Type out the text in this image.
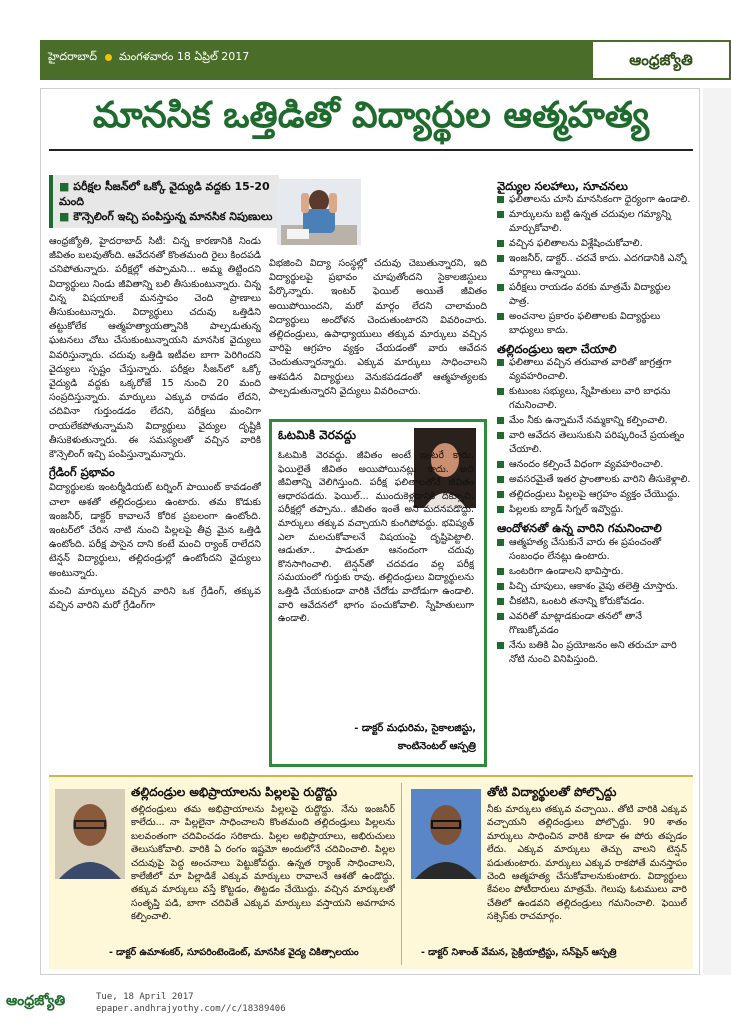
హైదరాబాద్ మంగళవారం 18 ఏప్రిల్ 2017	ఆంధ్రజ్యోతి
మానసిక ఒత్తిడితో విద్యార్థుల ఆత్మహత్య
■ పరీక్షల సీజన్‌లో ఒక్కో వైద్యుడి వద్దకు 15-20 మంది
■ కౌన్సెలింగ్ ఇచ్చి పంపిస్తున్న మానసిక నిపుణులు

ఆంధ్రజ్యోతి, హైదరాబాద్ సిటీ: చిన్న కారణానికి నిండు జీవితం బలవుతోంది. ఆవేదనతో కొంతమంది రైలు కిందపడి చనిపోతున్నారు. పరీక్షల్లో తప్పామని... అమ్మ తిట్టిందని విద్యార్థులు నిండు జీవితాన్ని బలి తీసుకుంటున్నారు. చిన్న చిన్న విషయాలకే మనస్తాపం చెంది ప్రాణాలు తీసుకుంటున్నారు. విద్యార్థులు చదువు ఒత్తిడిని తట్టుకోలేక ఆత్మహత్యాయత్నానికి పాల్పడుతున్న ఘటనలు చోటు చేసుకుంటున్నాయని మానసిక వైద్యులు వివరిస్తున్నారు. చదువు ఒత్తిడి ఇటీవల బాగా పెరిగిందని వైద్యులు స్పష్టం చేస్తున్నారు. పరీక్షల సీజన్‌లో ఒక్కో వైద్యుడి వద్దకు ఒక్కరోజే 15 నుంచి 20 మంది సంప్రదిస్తున్నారు. మార్కులు ఎక్కువ రావడం లేదని, చదివినా గుర్తుండడం లేదని, పరీక్షలు మంచిగా రాయలేకపోతున్నామని విద్యార్థులు వైద్యుల దృష్టికి తీసుకెళుతున్నారు. ఈ సమస్యలతో వచ్చిన వారికి కౌన్సెలింగ్ ఇచ్చి పంపిస్తున్నామన్నారు.

గ్రేడింగ్ ప్రభావం

విద్యార్థులకు ఇంటర్మీడియట్ టర్నింగ్ పాయింట్ కావడంతో చాలా ఆశతో తల్లిదండ్రులు ఉంటారు. తమ కొడుకు ఇంజనీర్, డాక్టర్ కావాలనే కోరిక ప్రబలంగా ఉంటోంది. ఇంటర్‌లో చేరిన నాటి నుంచి పిల్లలపై తీవ్ర మైన ఒత్తిడి ఉంటోంది. పరీక్ష పాసైన దాని కంటే మంచి ర్యాంక్ రాలేదని టెన్షన్ విద్యార్థులు, తల్లిదండ్రుల్లో ఉంటోందని వైద్యులు అంటున్నారు.

మంచి మార్కులు వచ్చిన వారిని ఒక గ్రేడింగ్, తక్కువ వచ్చిన వారిని మరో గ్రేడింగ్‌గా

విభజించి విద్యా సంస్థల్లో చదువు చెబుతున్నారని, ఇది విద్యార్థులపై ప్రభావం చూపుతోందని సైకాలజిస్టులు పేర్కొన్నారు. ఇంటర్ ఫెయిల్ అయితే జీవితం అయిపోయిందని, మరో మార్గం లేదని చాలామంది విద్యార్థులు అందోళన చెందుతుంటారని వివరించారు. తల్లిదండ్రులు, ఉపాధ్యాయులు తక్కువ మార్కులు వచ్చిన వారిపై ఆగ్రహం వ్యక్తం చేయడంతో వారు ఆవేదన చెందుతున్నారన్నారు. ఎక్కువ మార్కులు సాధించాలని ఆశపడిన విద్యార్థులు వెనుకపడడంతో ఆత్మహత్యలకు పాల్పడుతున్నారని వైద్యులు వివరించారు.

ఓటమికి వెరవద్దు

ఓటమికి వెరవద్దు. జీవితం అంటే ఇంటరే కాదు. ఫెయిలైతే జీవితం అయిపోయినట్లు కాదు. అది జీవితాన్ని వెలిగిస్తుంది. పరీక్ష ఫలితాలతోనే జీవితం ఆధారపడదు. ఫెయిల్... ముందుకెళ్లడానికి దిక్సూచి. పరీక్షల్లో తప్పాను.. జీవితం ఇంతే అని మదనపడొద్దు. మార్కులు తక్కువ వచ్చాయని కుంగిపోవద్దు. భవిష్యత్ ఎలా మలచుకోవాలనే విషయంపై దృష్టిపెట్టాలి. ఆడుతూ.. పాడుతూ ఆనందంగా చదువు కొనసాగించాలి. టెన్షన్‌తో చదవడం వల్ల పరీక్ష సమయంలో గుర్తుకు రావు. తల్లిదండ్రులు విద్యార్థులను ఒత్తిడి చేయకుండా వారికి చేదోడు వాదోడుగా ఉండాలి. వారి ఆవేదనలో భాగం పంచుకోవాలి. స్నేహితులుగా ఉండాలి.

- డాక్టర్ మధురిమ, సైకాలజిస్టు,
కాంటినెంటల్ ఆస్పత్రి
వైద్యుల సలహాలు, సూచనలు
ఫలితాలను చూసి మానసికంగా ధైర్యంగా ఉండాలి.
మార్కులను బట్టి ఉన్నత చదువుల గమ్యాన్ని మార్చుకోవాలి.
వచ్చిన ఫలితాలను విశ్లేషించుకోవాలి.
ఇంజనీర్, డాక్టర్.. చదవే కాదు. ఎదగడానికి ఎన్నో మార్గాలు ఉన్నాయి.
పరీక్షలు రాయడం వరకు మాత్రమే విద్యార్థుల పాత్ర.
అంచనాల ప్రకారం ఫలితాలకు విద్యార్థులు బాధ్యులు కాదు.
తల్లిదండ్రులు ఇలా చేయాలి
ఫలితాలు వచ్చిన తరువాత వారితో జాగ్రత్తగా వ్యవహరించాలి.
కుటుంబ సభ్యులు, స్నేహితులు వారి బాధను గమనించాలి.
మేం నీకు ఉన్నామనే నమ్మకాన్ని కల్పించాలి.
వారి ఆవేదన తెలుసుకుని పరిష్కరించే ప్రయత్నం చేయాలి.
ఆనందం కల్పించే విధంగా వ్యవహరించాలి.
అవసరమైతే ఇతర ప్రాంతాలకు వారిని తీసుకెళ్లాలి.
తల్లిదండ్రులు పిల్లలపై ఆగ్రహం వ్యక్తం చేయొద్దు.
పిల్లలకు బ్యాడ్ సిగ్నల్ ఇవ్వొద్దు.
ఆందోళనతో ఉన్న వారిని గమనించాలి
ఆత్మహత్య చేసుకునే వారు ఈ ప్రపంచంతో సంబంధం లేనట్లు ఉంటారు.
ఒంటరిగా ఉండాలని భావిస్తారు.
పిచ్చి చూపులు, ఆకాశం వైపు తలెత్తి చూస్తారు.
చీకటిని, ఒంటరి తనాన్ని కోరుకోవడం.
ఎవరితో మాట్లాడకుండా తనలో తానే గొణుక్కోవడం
నేను బతికి ఏం ప్రయోజనం అని తరుచూ వారి నోటి నుంచి వినిపిస్తుంది.
తల్లిదండ్రుల అభిప్రాయాలను పిల్లలపై రుద్దొద్దు

తల్లిదండ్రులు తమ అభిప్రాయాలను పిల్లలపై రుద్దొద్దు. నేను ఇంజనీర్ కాలేదు... నా పిల్లలైనా సాధించాలని కొంతమంది తల్లిదండ్రులు పిల్లలను బలవంతంగా చదివించడం సరికాదు. పిల్లల అభిప్రాయాలు, అభిరుచులు తెలుసుకోవాలి. వారికి ఏ రంగం ఇష్టమో అందులోనే చదివించాలి. పిల్లల చదువుపై పెద్ద అంచనాలు పెట్టుకోవద్దు. ఉన్నత ర్యాంక్ సాధించాలని, కాలేజీలో మా పిల్లాడికే ఎక్కువ మార్కులు రావాలనే ఆశతో ఉండొద్దు. తక్కువ మార్కులు వస్తే కొట్టడం, తిట్టడం చేయొద్దు. వచ్చిన మార్కులతో సంతృప్తి పడి, బాగా చదివితే ఎక్కువ మార్కులు వస్తాయని అవగాహన కల్పించాలి.

- డాక్టర్ ఉమాశంకర్, సూపరింటెండెంట్, మానసిక వైద్య చికిత్సాలయం
తోటి విద్యార్థులతో పోల్చొద్దు

నీకు మార్కులు తక్కువ వచ్చాయి.. తోటి వారికి ఎక్కువ వచ్చాయని తల్లిదండ్రులు పోల్చొద్దు. 90 శాతం మార్కులు సాధించిన వారికి కూడా ఈ పోరు తప్పడం లేదు. ఎక్కువ మార్కులు తెచ్చు వాలని టెన్షన్ పడుతుంటారు. మార్కులు ఎక్కువ రాకపోతే మనస్తాపం చెంది ఆత్మహత్య చేసుకోవాలనుకుంటారు. విద్యార్థులు కేవలం పోటీదారులు మాత్రమే. గెలుపు ఓటములు వారి చేతిలో ఉండవని తల్లిదండ్రులు గమనించాలి. ఫెయిల్ సక్సెస్‌కు రాచమార్గం.

- డాక్టర్ నిశాంత్ వేమన, సైక్రియాట్రిస్టు, సన్‌షైన్ ఆస్పత్రి
ఆంధ్రజ్యోతి	Tue, 18 April 2017
epaper.andhrajyothy.com//c/18389406
